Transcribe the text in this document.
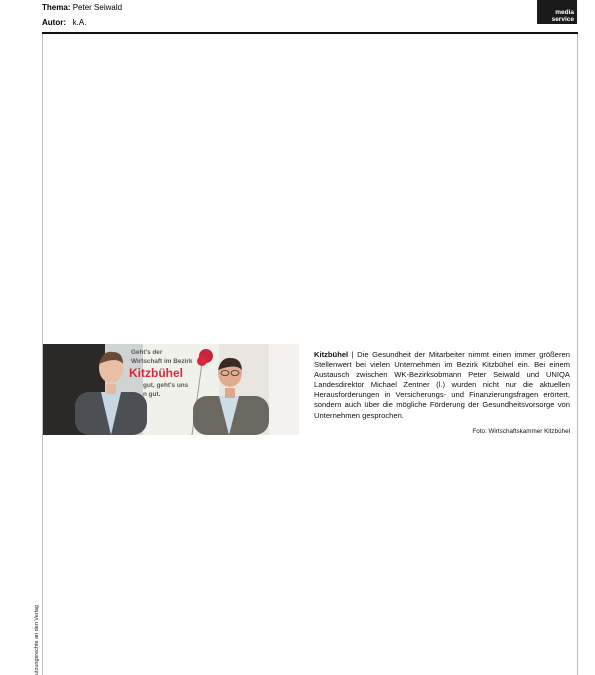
Thema: Peter Seiwald
Autor: k.A.
media
service
utzungsrechte an den Verlag
Geht's der
Wirtschaft im Bezirk
Kitzbühel
gut, geht's uns
n gut.
Kitzbühel | Die Gesundheit der Mitarbeiter nimmt einen immer größeren Stellenwert bei vielen Unternehmen im Bezirk Kitzbühel ein. Bei einem Austausch zwischen WK-Bezirksobmann Peter Seiwald und UNIQA Landesdirektor Michael Zentner (l.) wurden nicht nur die aktuellen Herausforderungen in Versicherungs- und Finanzierungsfragen erörtert, sondern auch über die mögliche Förderung der Gesundheitsvorsorge von Unternehmen gesprochen.
Foto: Wirtschaftskammer Kitzbühel
